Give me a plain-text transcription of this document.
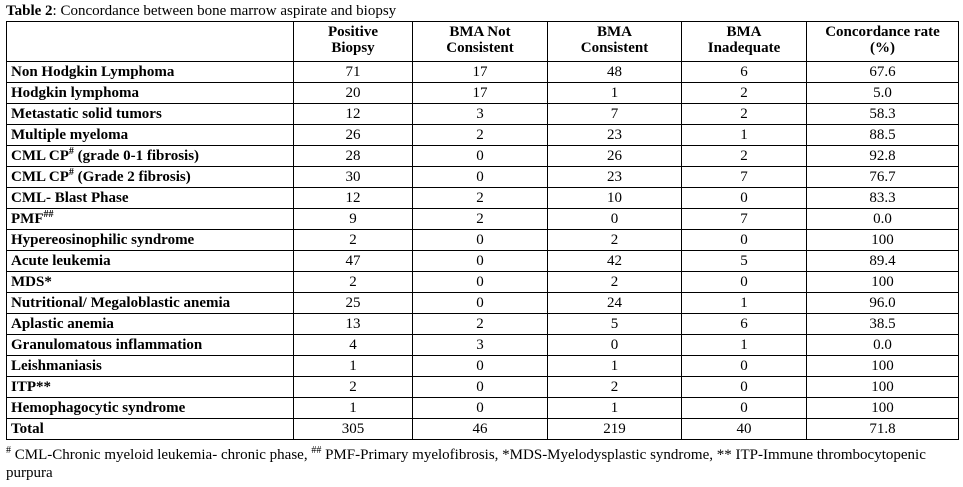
Table 2: Concordance between bone marrow aspirate and biopsy

	Positive Biopsy	BMA Not Consistent	BMA Consistent	BMA Inadequate	Concordance rate (%)

Non Hodgkin Lymphoma	71	17	48	6	67.6
Hodgkin lymphoma	20	17	1	2	5.0
Metastatic solid tumors	12	3	7	2	58.3
Multiple myeloma	26	2	23	1	88.5
CML CP# (grade 0-1 fibrosis)	28	0	26	2	92.8
CML CP# (Grade 2 fibrosis)	30	0	23	7	76.7
CML- Blast Phase	12	2	10	0	83.3
PMF##	9	2	0	7	0.0
Hypereosinophilic syndrome	2	0	2	0	100
Acute leukemia	47	0	42	5	89.4
MDS*	2	0	2	0	100
Nutritional/ Megaloblastic anemia	25	0	24	1	96.0
Aplastic anemia	13	2	5	6	38.5
Granulomatous inflammation	4	3	0	1	0.0
Leishmaniasis	1	0	1	0	100
ITP**	2	0	2	0	100
Hemophagocytic syndrome	1	0	1	0	100
Total	305	46	219	40	71.8
# CML-Chronic myeloid leukemia- chronic phase, ## PMF-Primary myelofibrosis, *MDS-Myelodysplastic syndrome, ** ITP-Immune thrombocytopenic purpura
